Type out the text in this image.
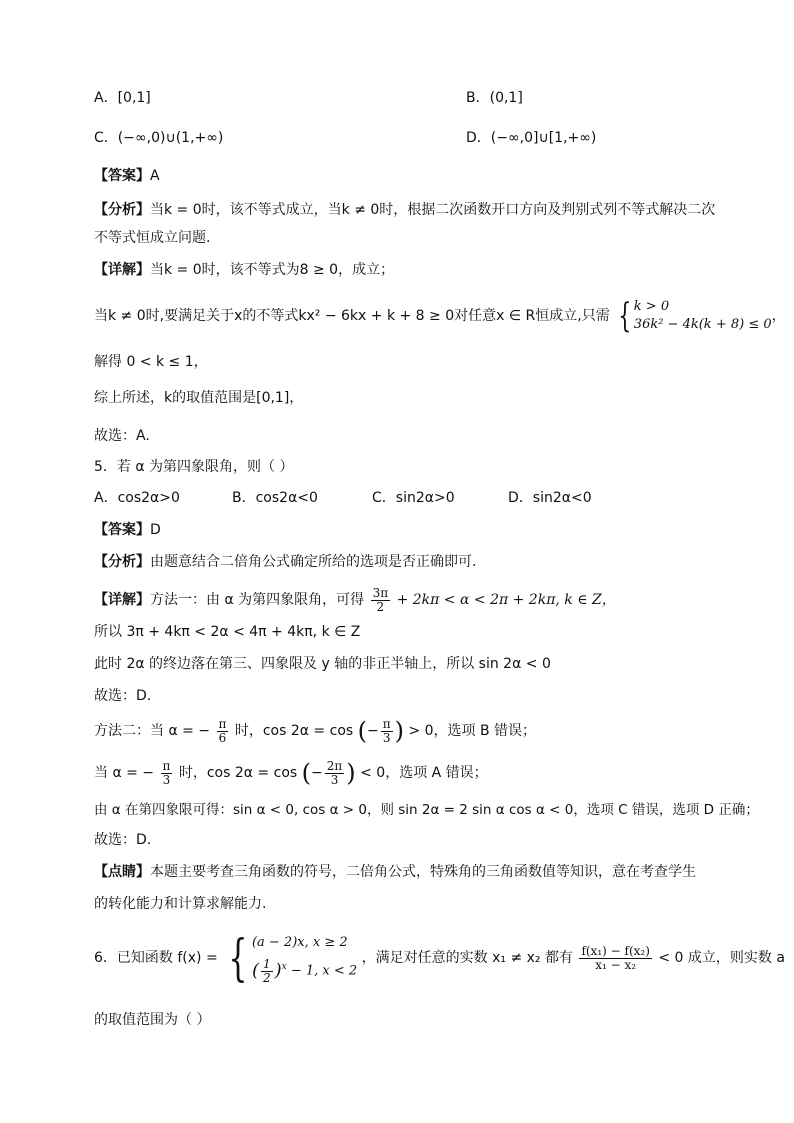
A．[0,1]	B．(0,1]
C．(−∞,0)∪(1,+∞)	D．(−∞,0]∪[1,+∞)
【答案】A
【分析】当k = 0时，该不等式成立，当k ≠ 0时，根据二次函数开口方向及判别式列不等式解决二次
不等式恒成立问题.
【详解】当k = 0时，该不等式为8 ≥ 0，成立；
当k ≠ 0时,要满足关于x的不等式kx² − 6kx + k + 8 ≥ 0对任意x ∈ R恒成立,只需 { k > 0
36k² − 4k(k + 8) ≤ 0
，
解得 0 < k ≤ 1，
综上所述，k的取值范围是[0,1]，
故选：A.
5．若 α 为第四象限角，则（ ）
A．cos2α>0	B．cos2α<0	C．sin2α>0	D．sin2α<0
【答案】D
【分析】由题意结合二倍角公式确定所给的选项是否正确即可.
【详解】方法一：由 α 为第四象限角，可得 $\frac{3\pi}{2} + 2k\pi < \alpha < 2\pi + 2k\pi$, k ∈ Z，
所以 3π + 4kπ < 2α < 4π + 4kπ, k ∈ Z
此时 2α 的终边落在第三、四象限及 y 轴的非正半轴上，所以 sin 2α < 0
故选：D.
方法二：当 α = − $\frac{\pi}{6}$ 时，cos 2α = cos (− $\frac{\pi}{3}$ ) > 0，选项 B 错误；
当 α = − $\frac{\pi}{3}$ 时，cos 2α = cos (− $\frac{2\pi}{3}$ ) < 0，选项 A 错误；
由 α 在第四象限可得：sin α < 0, cos α > 0，则 sin 2α = 2 sin α cos α < 0，选项 C 错误，选项 D 正确；
故选：D.
【点睛】本题主要考查三角函数的符号，二倍角公式，特殊角的三角函数值等知识，意在考查学生
的转化能力和计算求解能力.
6．已知函数 f(x) = { (a − 2)x, x ≥ 2
( $\frac{1}{2} )^x - 1$, x < 2
，满足对任意的实数 x₁ ≠ x₂ 都有 $\frac{\text{f(x₁) − f(x₂)}}{\text{x₁ − x₂}} < 0$ 成立，则实数 a
的取值范围为（ ）
